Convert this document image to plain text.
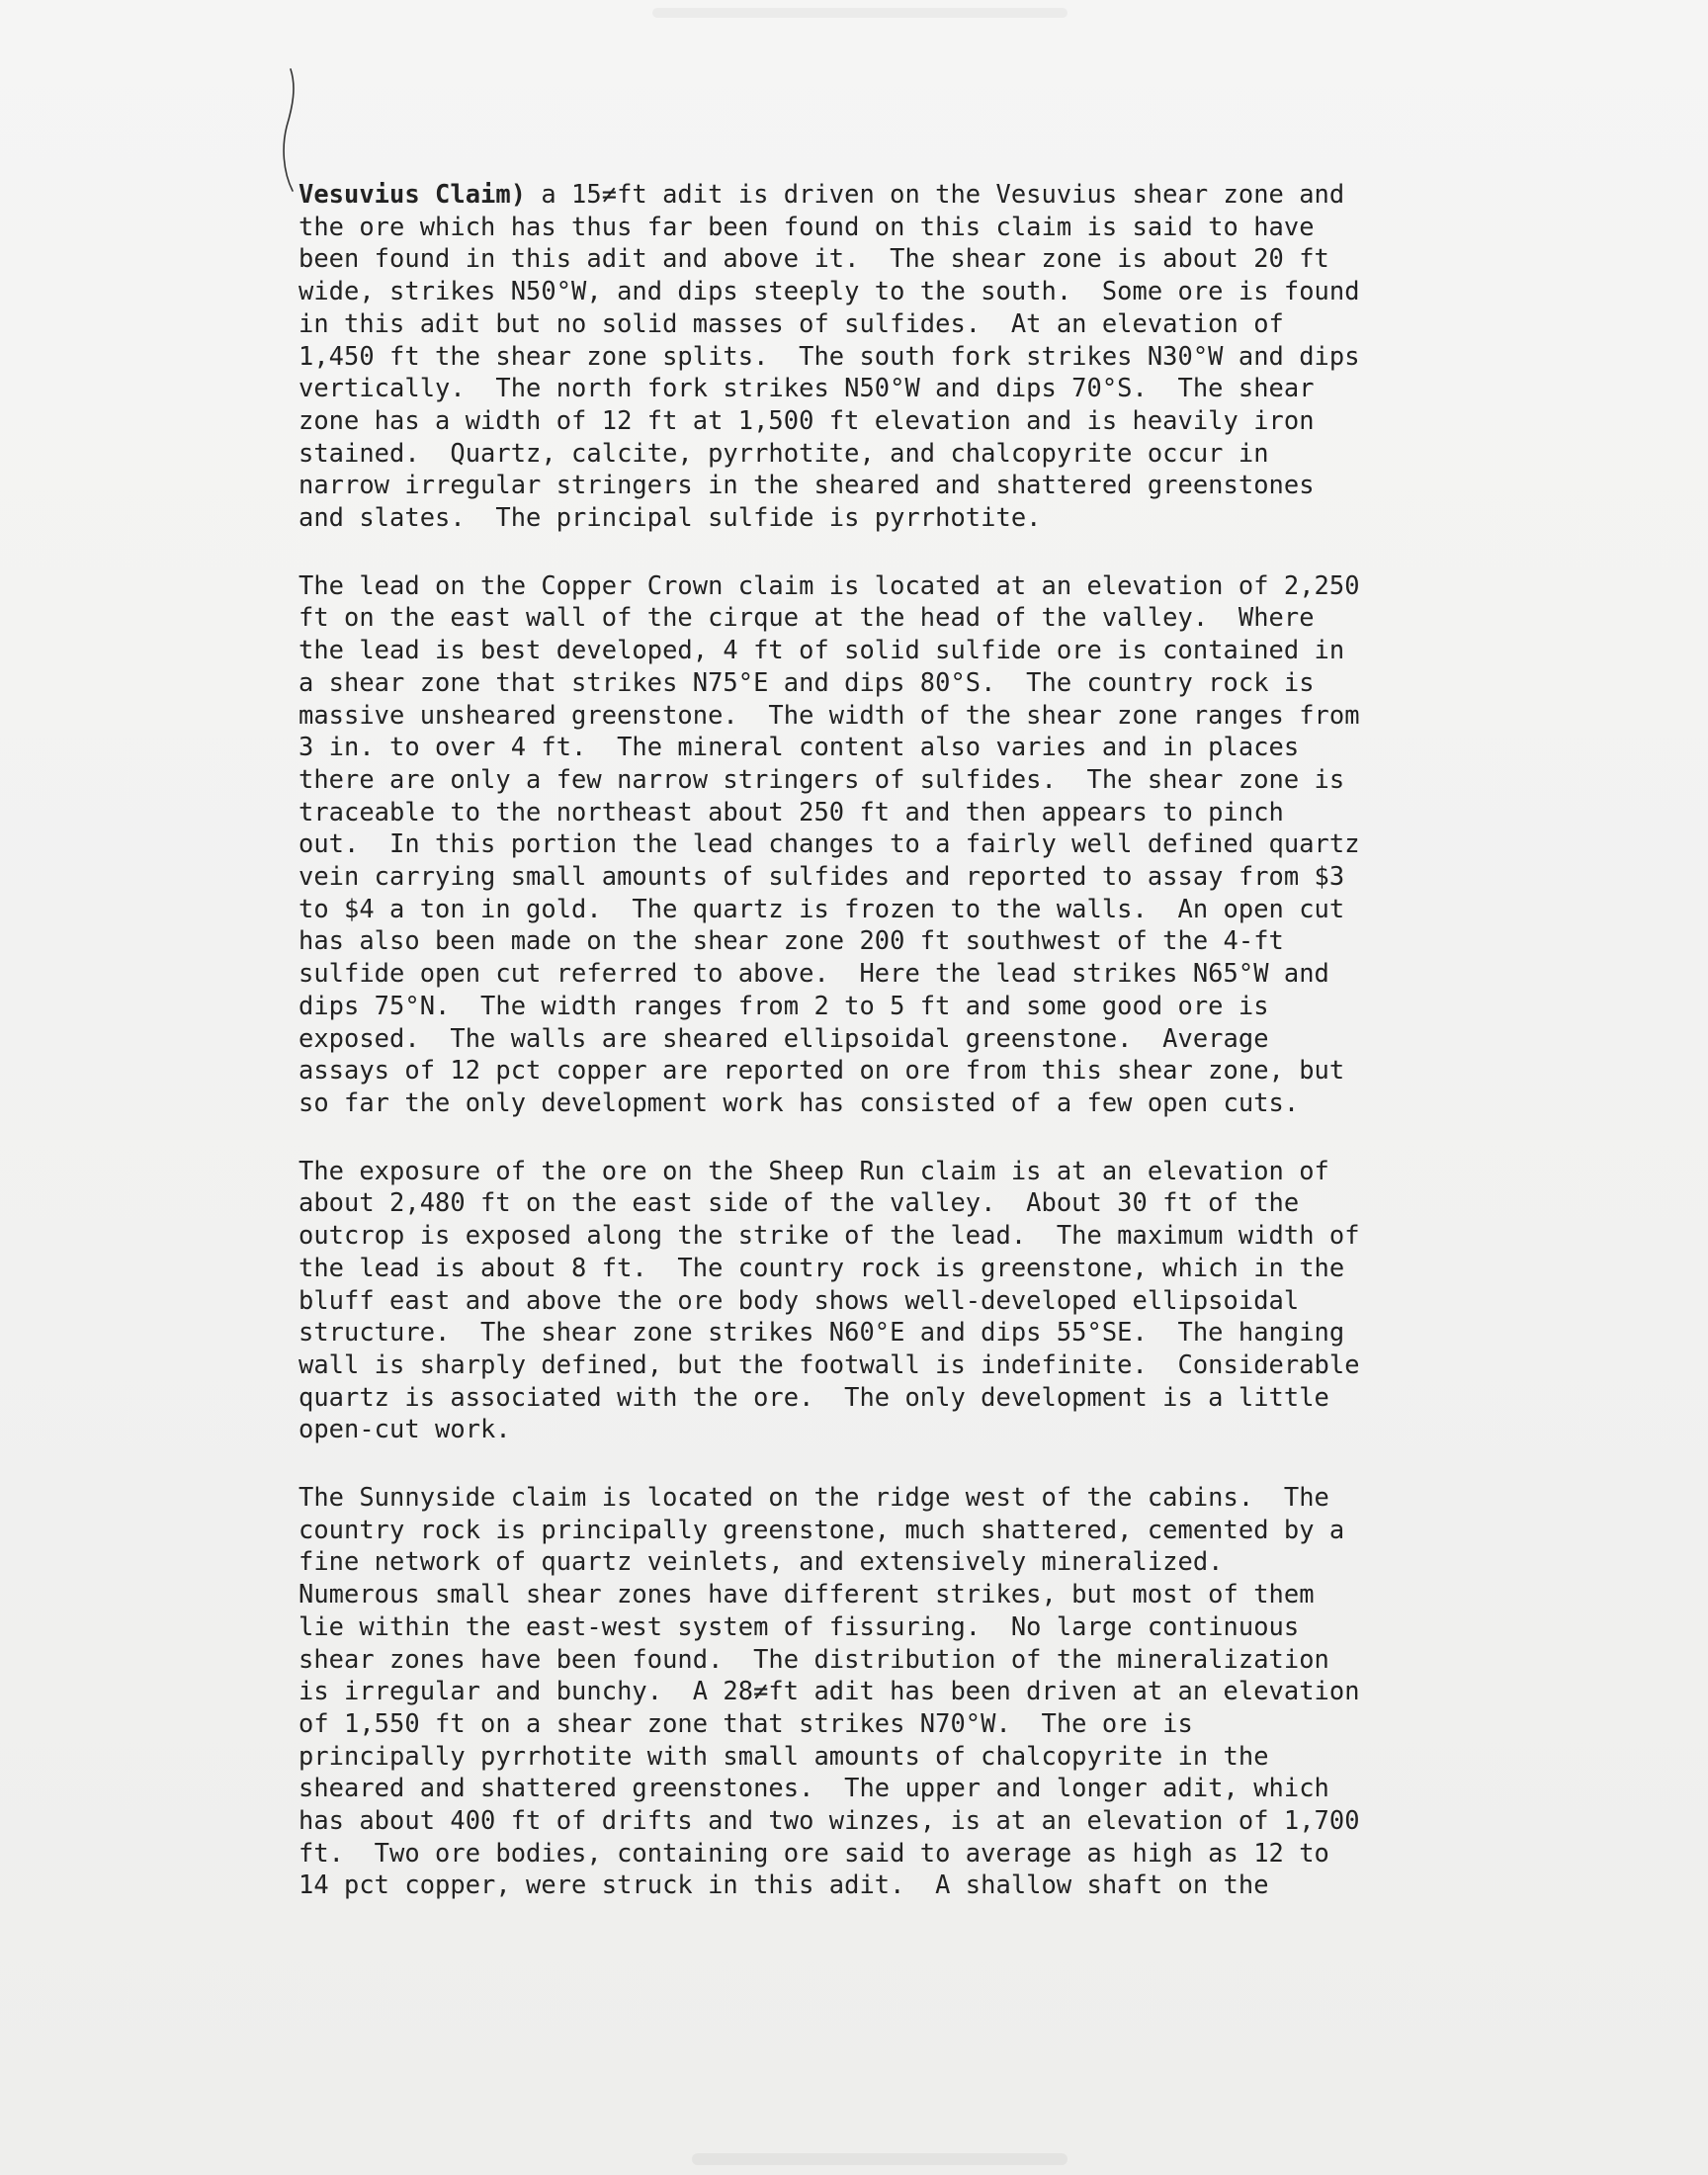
Vesuvius Claim) a 15≠ft adit is driven on the Vesuvius shear zone and
the ore which has thus far been found on this claim is said to have
been found in this adit and above it.  The shear zone is about 20 ft
wide, strikes N50°W, and dips steeply to the south.  Some ore is found
in this adit but no solid masses of sulfides.  At an elevation of
1,450 ft the shear zone splits.  The south fork strikes N30°W and dips
vertically.  The north fork strikes N50°W and dips 70°S.  The shear
zone has a width of 12 ft at 1,500 ft elevation and is heavily iron
stained.  Quartz, calcite, pyrrhotite, and chalcopyrite occur in
narrow irregular stringers in the sheared and shattered greenstones
and slates.  The principal sulfide is pyrrhotite.

The lead on the Copper Crown claim is located at an elevation of 2,250
ft on the east wall of the cirque at the head of the valley.  Where
the lead is best developed, 4 ft of solid sulfide ore is contained in
a shear zone that strikes N75°E and dips 80°S.  The country rock is
massive unsheared greenstone.  The width of the shear zone ranges from
3 in. to over 4 ft.  The mineral content also varies and in places
there are only a few narrow stringers of sulfides.  The shear zone is
traceable to the northeast about 250 ft and then appears to pinch
out.  In this portion the lead changes to a fairly well defined quartz
vein carrying small amounts of sulfides and reported to assay from $3
to $4 a ton in gold.  The quartz is frozen to the walls.  An open cut
has also been made on the shear zone 200 ft southwest of the 4-ft
sulfide open cut referred to above.  Here the lead strikes N65°W and
dips 75°N.  The width ranges from 2 to 5 ft and some good ore is
exposed.  The walls are sheared ellipsoidal greenstone.  Average
assays of 12 pct copper are reported on ore from this shear zone, but
so far the only development work has consisted of a few open cuts.

The exposure of the ore on the Sheep Run claim is at an elevation of
about 2,480 ft on the east side of the valley.  About 30 ft of the
outcrop is exposed along the strike of the lead.  The maximum width of
the lead is about 8 ft.  The country rock is greenstone, which in the
bluff east and above the ore body shows well-developed ellipsoidal
structure.  The shear zone strikes N60°E and dips 55°SE.  The hanging
wall is sharply defined, but the footwall is indefinite.  Considerable
quartz is associated with the ore.  The only development is a little
open-cut work.

The Sunnyside claim is located on the ridge west of the cabins.  The
country rock is principally greenstone, much shattered, cemented by a
fine network of quartz veinlets, and extensively mineralized.
Numerous small shear zones have different strikes, but most of them
lie within the east-west system of fissuring.  No large continuous
shear zones have been found.  The distribution of the mineralization
is irregular and bunchy.  A 28≠ft adit has been driven at an elevation
of 1,550 ft on a shear zone that strikes N70°W.  The ore is
principally pyrrhotite with small amounts of chalcopyrite in the
sheared and shattered greenstones.  The upper and longer adit, which
has about 400 ft of drifts and two winzes, is at an elevation of 1,700
ft.  Two ore bodies, containing ore said to average as high as 12 to
14 pct copper, were struck in this adit.  A shallow shaft on the
